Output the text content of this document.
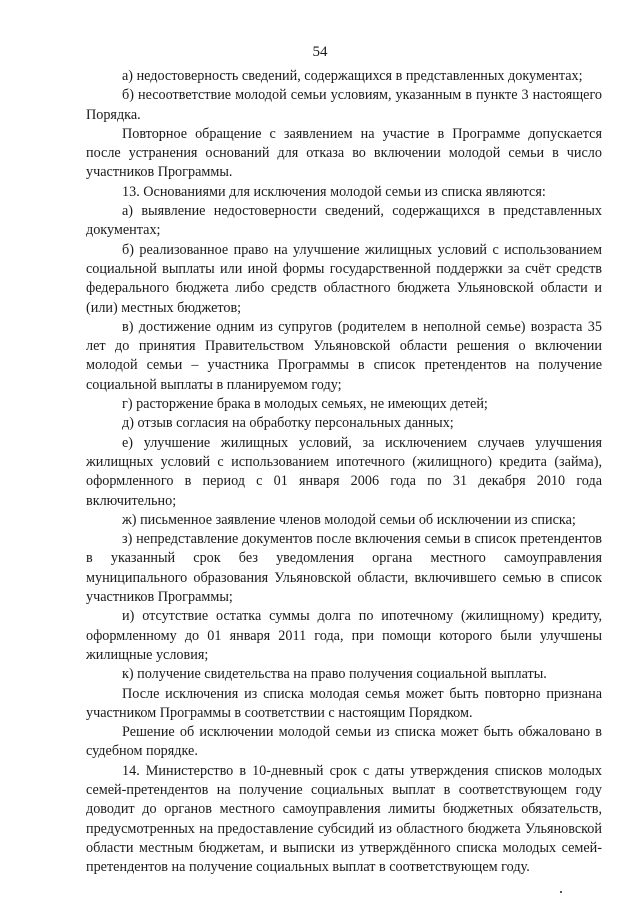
54

а) недостоверность сведений, содержащихся в представленных документах;

б) несоответствие молодой семьи условиям, указанным в пункте 3 настоящего Порядка.

Повторное обращение с заявлением на участие в Программе допускается после устранения оснований для отказа во включении молодой семьи в число участников Программы.

13. Основаниями для исключения молодой семьи из списка являются:

а) выявление недостоверности сведений, содержащихся в представленных документах;

б) реализованное право на улучшение жилищных условий с использованием социальной выплаты или иной формы государственной поддержки за счёт средств федерального бюджета либо средств областного бюджета Ульяновской области и (или) местных бюджетов;

в) достижение одним из супругов (родителем в неполной семье) возраста 35 лет до принятия Правительством Ульяновской области решения о включении молодой семьи – участника Программы в список претендентов на получение социальной выплаты в планируемом году;

г) расторжение брака в молодых семьях, не имеющих детей;

д) отзыв согласия на обработку персональных данных;

е) улучшение жилищных условий, за исключением случаев улучшения жилищных условий с использованием ипотечного (жилищного) кредита (займа), оформленного в период с 01 января 2006 года по 31 декабря 2010 года включительно;

ж) письменное заявление членов молодой семьи об исключении из списка;

з) непредставление документов после включения семьи в список претендентов в указанный срок без уведомления органа местного самоуправления муниципального образования Ульяновской области, включившего семью в список участников Программы;

и) отсутствие остатка суммы долга по ипотечному (жилищному) кредиту, оформленному до 01 января 2011 года, при помощи которого были улучшены жилищные условия;

к) получение свидетельства на право получения социальной выплаты.

После исключения из списка молодая семья может быть повторно признана участником Программы в соответствии с настоящим Порядком.

Решение об исключении молодой семьи из списка может быть обжаловано в судебном порядке.

14. Министерство в 10-дневный срок с даты утверждения списков молодых семей-претендентов на получение социальных выплат в соответствующем году доводит до органов местного самоуправления лимиты бюджетных обязательств, предусмотренных на предоставление субсидий из областного бюджета Ульяновской области местным бюджетам, и выписки из утверждённого списка молодых семей-претендентов на получение социальных выплат в соответствующем году.
